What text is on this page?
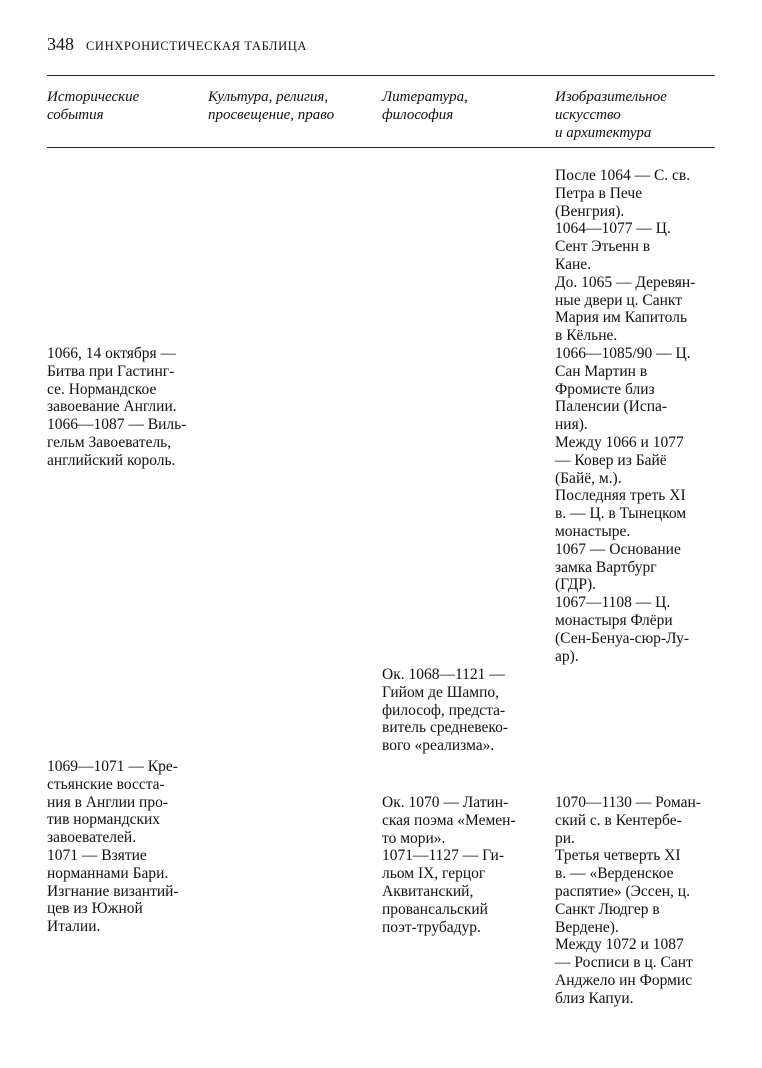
348 СИНХРОНИСТИЧЕСКАЯ ТАБЛИЦА
Исторические
события
Культура, религия,
просвещение, право
Литература,
философия
Изобразительное
искусство
и архитектура
После 1064 — С. св.
Петра в Пече
(Венгрия).
1064—1077 — Ц.
Сент Этьенн в
Кане.
До. 1065 — Деревян-
ные двери ц. Санкт
Мария им Капитоль
в Кёльне.
1066—1085/90 — Ц.
Сан Мартин в
Фромисте близ
Паленсии (Испа-
ния).
Между 1066 и 1077
— Ковер из Байё
(Байё, м.).
Последняя треть XI
в. — Ц. в Тынецком
монастыре.
1067 — Основание
замка Вартбург
(ГДР).
1067—1108 — Ц.
монастыря Флёри
(Сен-Бенуа-сюр-Лу-
ар).
1066, 14 октября —
Битва при Гастинг-
се. Нормандское
завоевание Англии.
1066—1087 — Виль-
гельм Завоеватель,
английский король.
Ок. 1068—1121 —
Гийом де Шампо,
философ, предста-
витель средневеко-
вого «реализма».
1069—1071 — Кре-
стьянские восста-
ния в Англии про-
тив нормандских
завоевателей.
1071 — Взятие
норманнами Бари.
Изгнание византий-
цев из Южной
Италии.
Ок. 1070 — Латин-
ская поэма «Мемен-
то мори».
1071—1127 — Ги-
льом IX, герцог
Аквитанский,
провансальский
поэт-трубадур.
1070—1130 — Роман-
ский с. в Кентербе-
ри.
Третья четверть XI
в. — «Верденское
распятие» (Эссен, ц.
Санкт Людгер в
Вердене).
Между 1072 и 1087
— Росписи в ц. Сант
Анджело ин Формис
близ Капуи.
